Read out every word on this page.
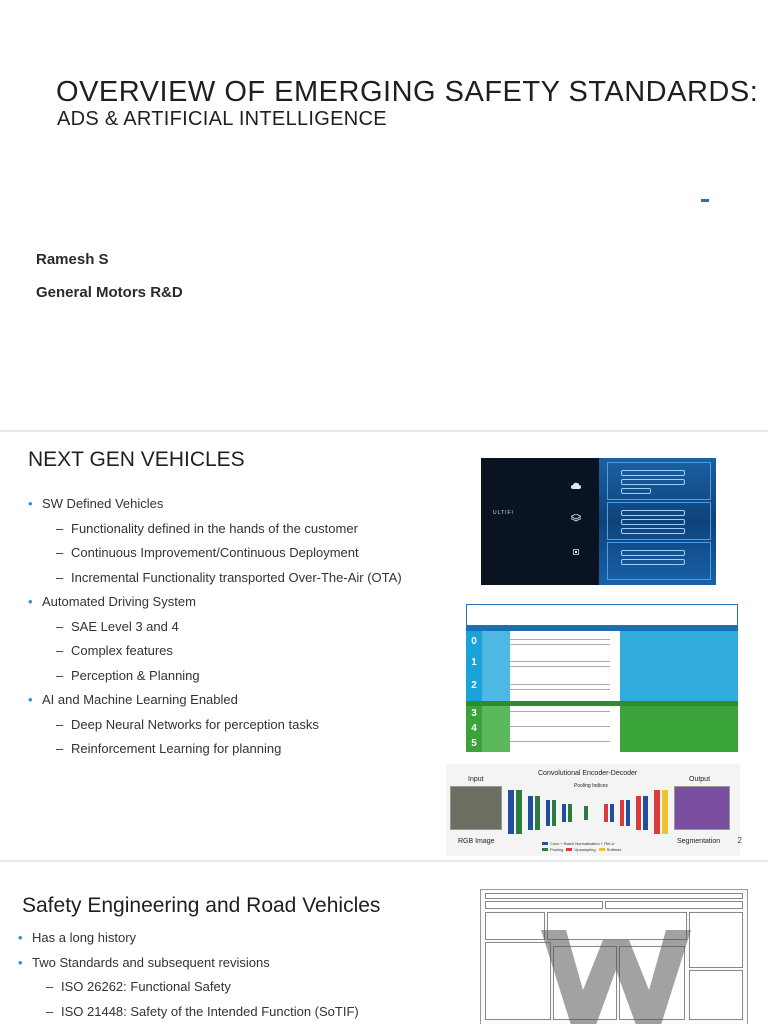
OVERVIEW OF EMERGING SAFETY STANDARDS:
ADS & ARTIFICIAL INTELLIGENCE
Ramesh S
General Motors R&D
NEXT GEN VEHICLES
• SW Defined Vehicles
– Functionality defined in the hands of the customer
– Continuous Improvement/Continuous Deployment
– Incremental Functionality transported Over-The-Air (OTA)
• Automated Driving System
– SAE Level 3 and 4
– Complex features
– Perception & Planning
• AI and Machine Learning Enabled
– Deep Neural Networks for perception tasks
– Reinforcement Learning for planning
ULTIFI
0
1
2
3
4
5
Input
Convolutional Encoder-Decoder
Output
Pooling Indices
RGB Image	Segmentation
Conv + Batch Normalisation + ReLU
Pooling	Upsampling	Softmax
2
Safety Engineering and Road Vehicles
• Has a long history
• Two Standards and subsequent revisions
– ISO 26262: Functional Safety
– ISO 21448: Safety of the Intended Function (SoTIF)
